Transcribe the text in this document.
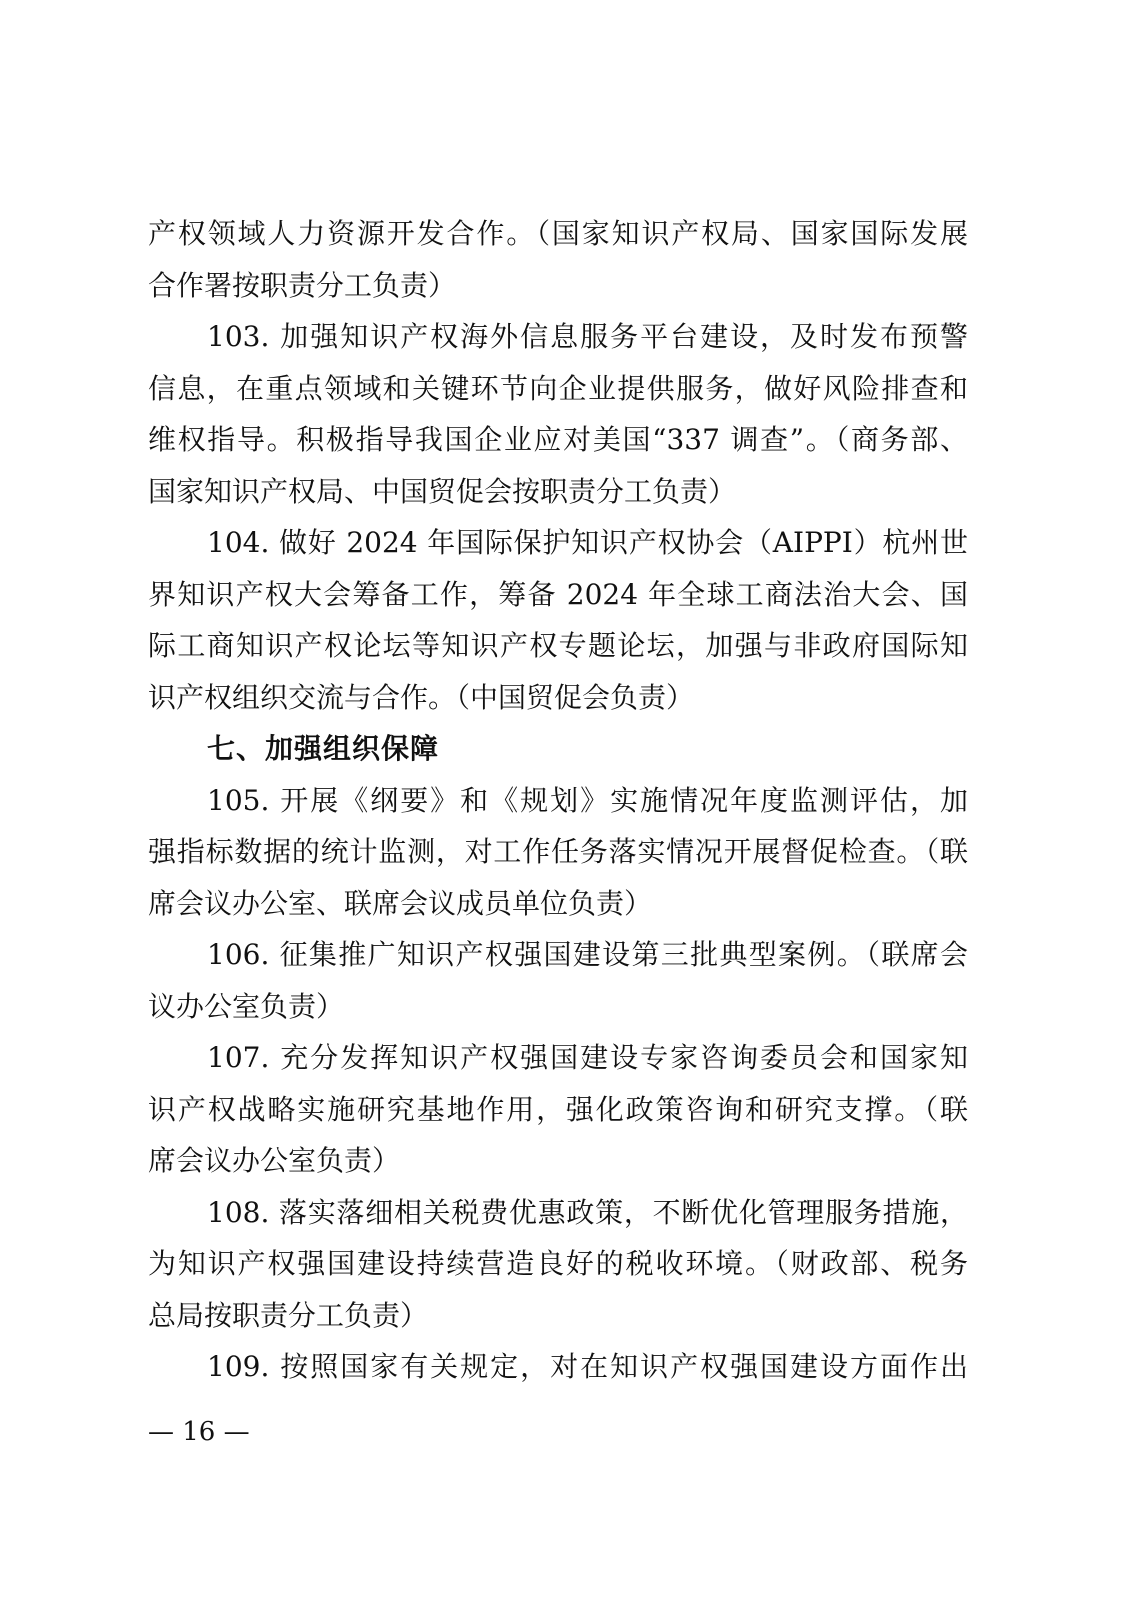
产权领域人力资源开发合作。（国家知识产权局、国家国际发展
合作署按职责分工负责）
103. 加强知识产权海外信息服务平台建设，及时发布预警
信息，在重点领域和关键环节向企业提供服务，做好风险排查和
维权指导。积极指导我国企业应对美国“337 调查”。（商务部、
国家知识产权局、中国贸促会按职责分工负责）
104. 做好 2024 年国际保护知识产权协会（AIPPI）杭州世
界知识产权大会筹备工作，筹备 2024 年全球工商法治大会、国
际工商知识产权论坛等知识产权专题论坛，加强与非政府国际知
识产权组织交流与合作。（中国贸促会负责）
七、加强组织保障
105. 开展《纲要》和《规划》实施情况年度监测评估，加
强指标数据的统计监测，对工作任务落实情况开展督促检查。（联
席会议办公室、联席会议成员单位负责）
106. 征集推广知识产权强国建设第三批典型案例。（联席会
议办公室负责）
107. 充分发挥知识产权强国建设专家咨询委员会和国家知
识产权战略实施研究基地作用，强化政策咨询和研究支撑。（联
席会议办公室负责）
108. 落实落细相关税费优惠政策，不断优化管理服务措施，
为知识产权强国建设持续营造良好的税收环境。（财政部、税务
总局按职责分工负责）
109. 按照国家有关规定，对在知识产权强国建设方面作出
— 16 —
